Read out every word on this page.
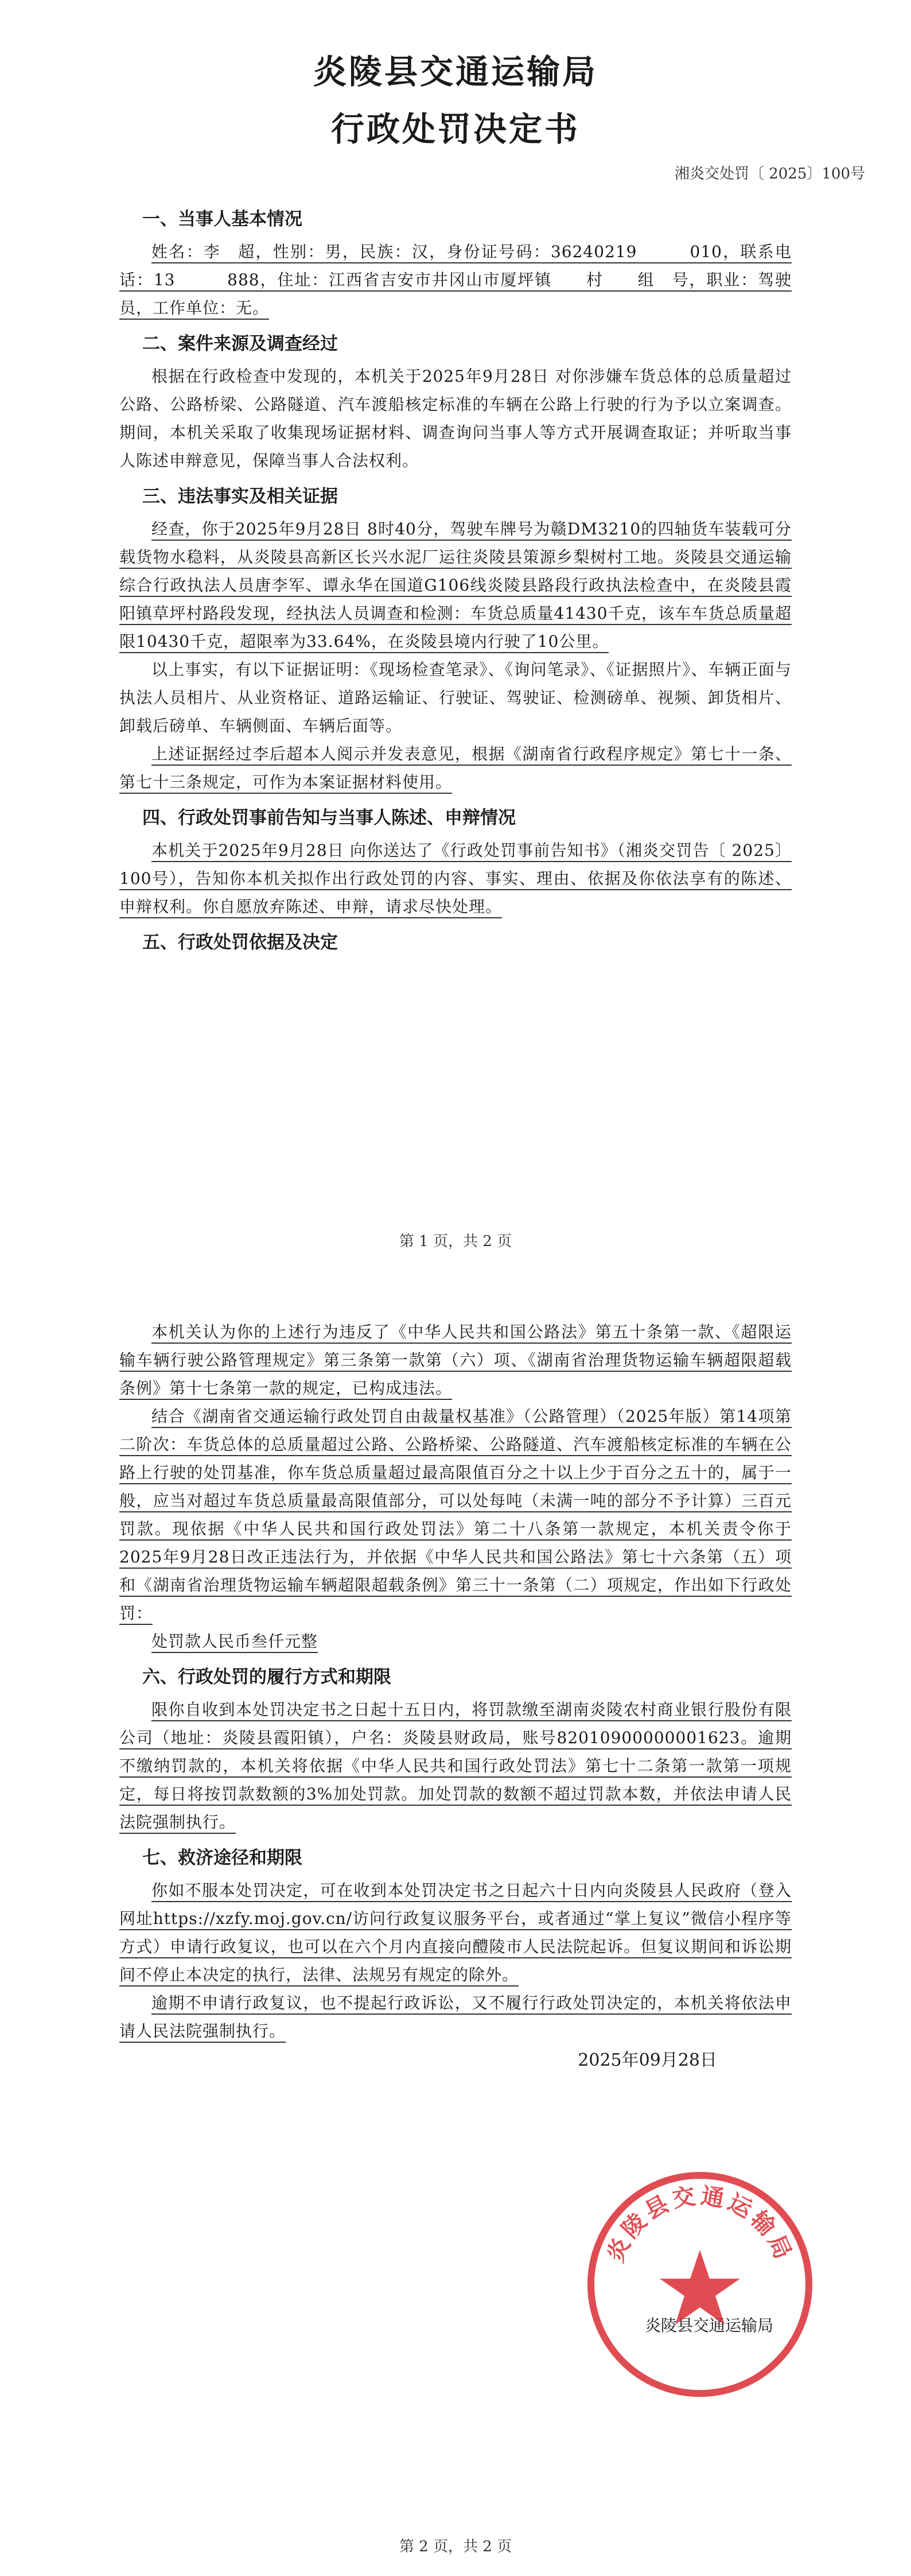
炎陵县交通运输局
行政处罚决定书
湘炎交处罚〔 2025〕100号

一、当事人基本情况

姓名：李　超，性别：男，民族：汉，身份证号码：36240219　　　010，联系电话：13　　　888，住址：江西省吉安市井冈山市厦坪镇　　村　　组　号，职业：驾驶员，工作单位：无。

二、案件来源及调查经过

根据在行政检查中发现的，本机关于2025年9月28日 对你涉嫌车货总体的总质量超过公路、公路桥梁、公路隧道、汽车渡船核定标准的车辆在公路上行驶的行为予以立案调查。期间，本机关采取了收集现场证据材料、调查询问当事人等方式开展调查取证；并听取当事人陈述申辩意见，保障当事人合法权利。

三、违法事实及相关证据

经查，你于2025年9月28日 8时40分，驾驶车牌号为赣DM3210的四轴货车装载可分载货物水稳料，从炎陵县高新区长兴水泥厂运往炎陵县策源乡梨树村工地。炎陵县交通运输综合行政执法人员唐李军、谭永华在国道G106线炎陵县路段行政执法检查中，在炎陵县霞阳镇草坪村路段发现，经执法人员调查和检测：车货总质量41430千克，该车车货总质量超限10430千克，超限率为33.64%，在炎陵县境内行驶了10公里。

以上事实，有以下证据证明：《现场检查笔录》、《询问笔录》、《证据照片》、车辆正面与执法人员相片、从业资格证、道路运输证、行驶证、驾驶证、检测磅单、视频、卸货相片、卸载后磅单、车辆侧面、车辆后面等。

上述证据经过李后超本人阅示并发表意见，根据《湖南省行政程序规定》第七十一条、第七十三条规定，可作为本案证据材料使用。

四、行政处罚事前告知与当事人陈述、申辩情况

本机关于2025年9月28日 向你送达了《行政处罚事前告知书》（湘炎交罚告〔 2025〕100号），告知你本机关拟作出行政处罚的内容、事实、理由、依据及你依法享有的陈述、申辩权利。你自愿放弃陈述、申辩，请求尽快处理。

五、行政处罚依据及决定

第 1 页，共 2 页

本机关认为你的上述行为违反了《中华人民共和国公路法》第五十条第一款、《超限运输车辆行驶公路管理规定》第三条第一款第（六）项、《湖南省治理货物运输车辆超限超载条例》第十七条第一款的规定，已构成违法。

结合《湖南省交通运输行政处罚自由裁量权基准》（公路管理）（2025年版）第14项第二阶次：车货总体的总质量超过公路、公路桥梁、公路隧道、汽车渡船核定标准的车辆在公路上行驶的处罚基准，你车货总质量超过最高限值百分之十以上少于百分之五十的，属于一般，应当对超过车货总质量最高限值部分，可以处每吨（未满一吨的部分不予计算）三百元罚款。现依据《中华人民共和国行政处罚法》第二十八条第一款规定，本机关责令你于2025年9月28日改正违法行为，并依据《中华人民共和国公路法》第七十六条第（五）项和《湖南省治理货物运输车辆超限超载条例》第三十一条第（二）项规定，作出如下行政处罚：

处罚款人民币叁仟元整

六、行政处罚的履行方式和期限

限你自收到本处罚决定书之日起十五日内，将罚款缴至湖南炎陵农村商业银行股份有限公司（地址：炎陵县霞阳镇），户名：炎陵县财政局，账号82010900000001623。逾期不缴纳罚款的，本机关将依据《中华人民共和国行政处罚法》第七十二条第一款第一项规定，每日将按罚款数额的3%加处罚款。加处罚款的数额不超过罚款本数，并依法申请人民法院强制执行。

七、救济途径和期限

你如不服本处罚决定，可在收到本处罚决定书之日起六十日内向炎陵县人民政府（登入网址https://xzfy.moj.gov.cn/访问行政复议服务平台，或者通过“掌上复议”微信小程序等方式）申请行政复议，也可以在六个月内直接向醴陵市人民法院起诉。但复议期间和诉讼期间不停止本决定的执行，法律、法规另有规定的除外。

逾期不申请行政复议，也不提起行政诉讼，又不履行行政处罚决定的，本机关将依法申请人民法院强制执行。

2025年09月28日

炎陵县交通运输局
炎陵县交通运输局
第 2 页，共 2 页
